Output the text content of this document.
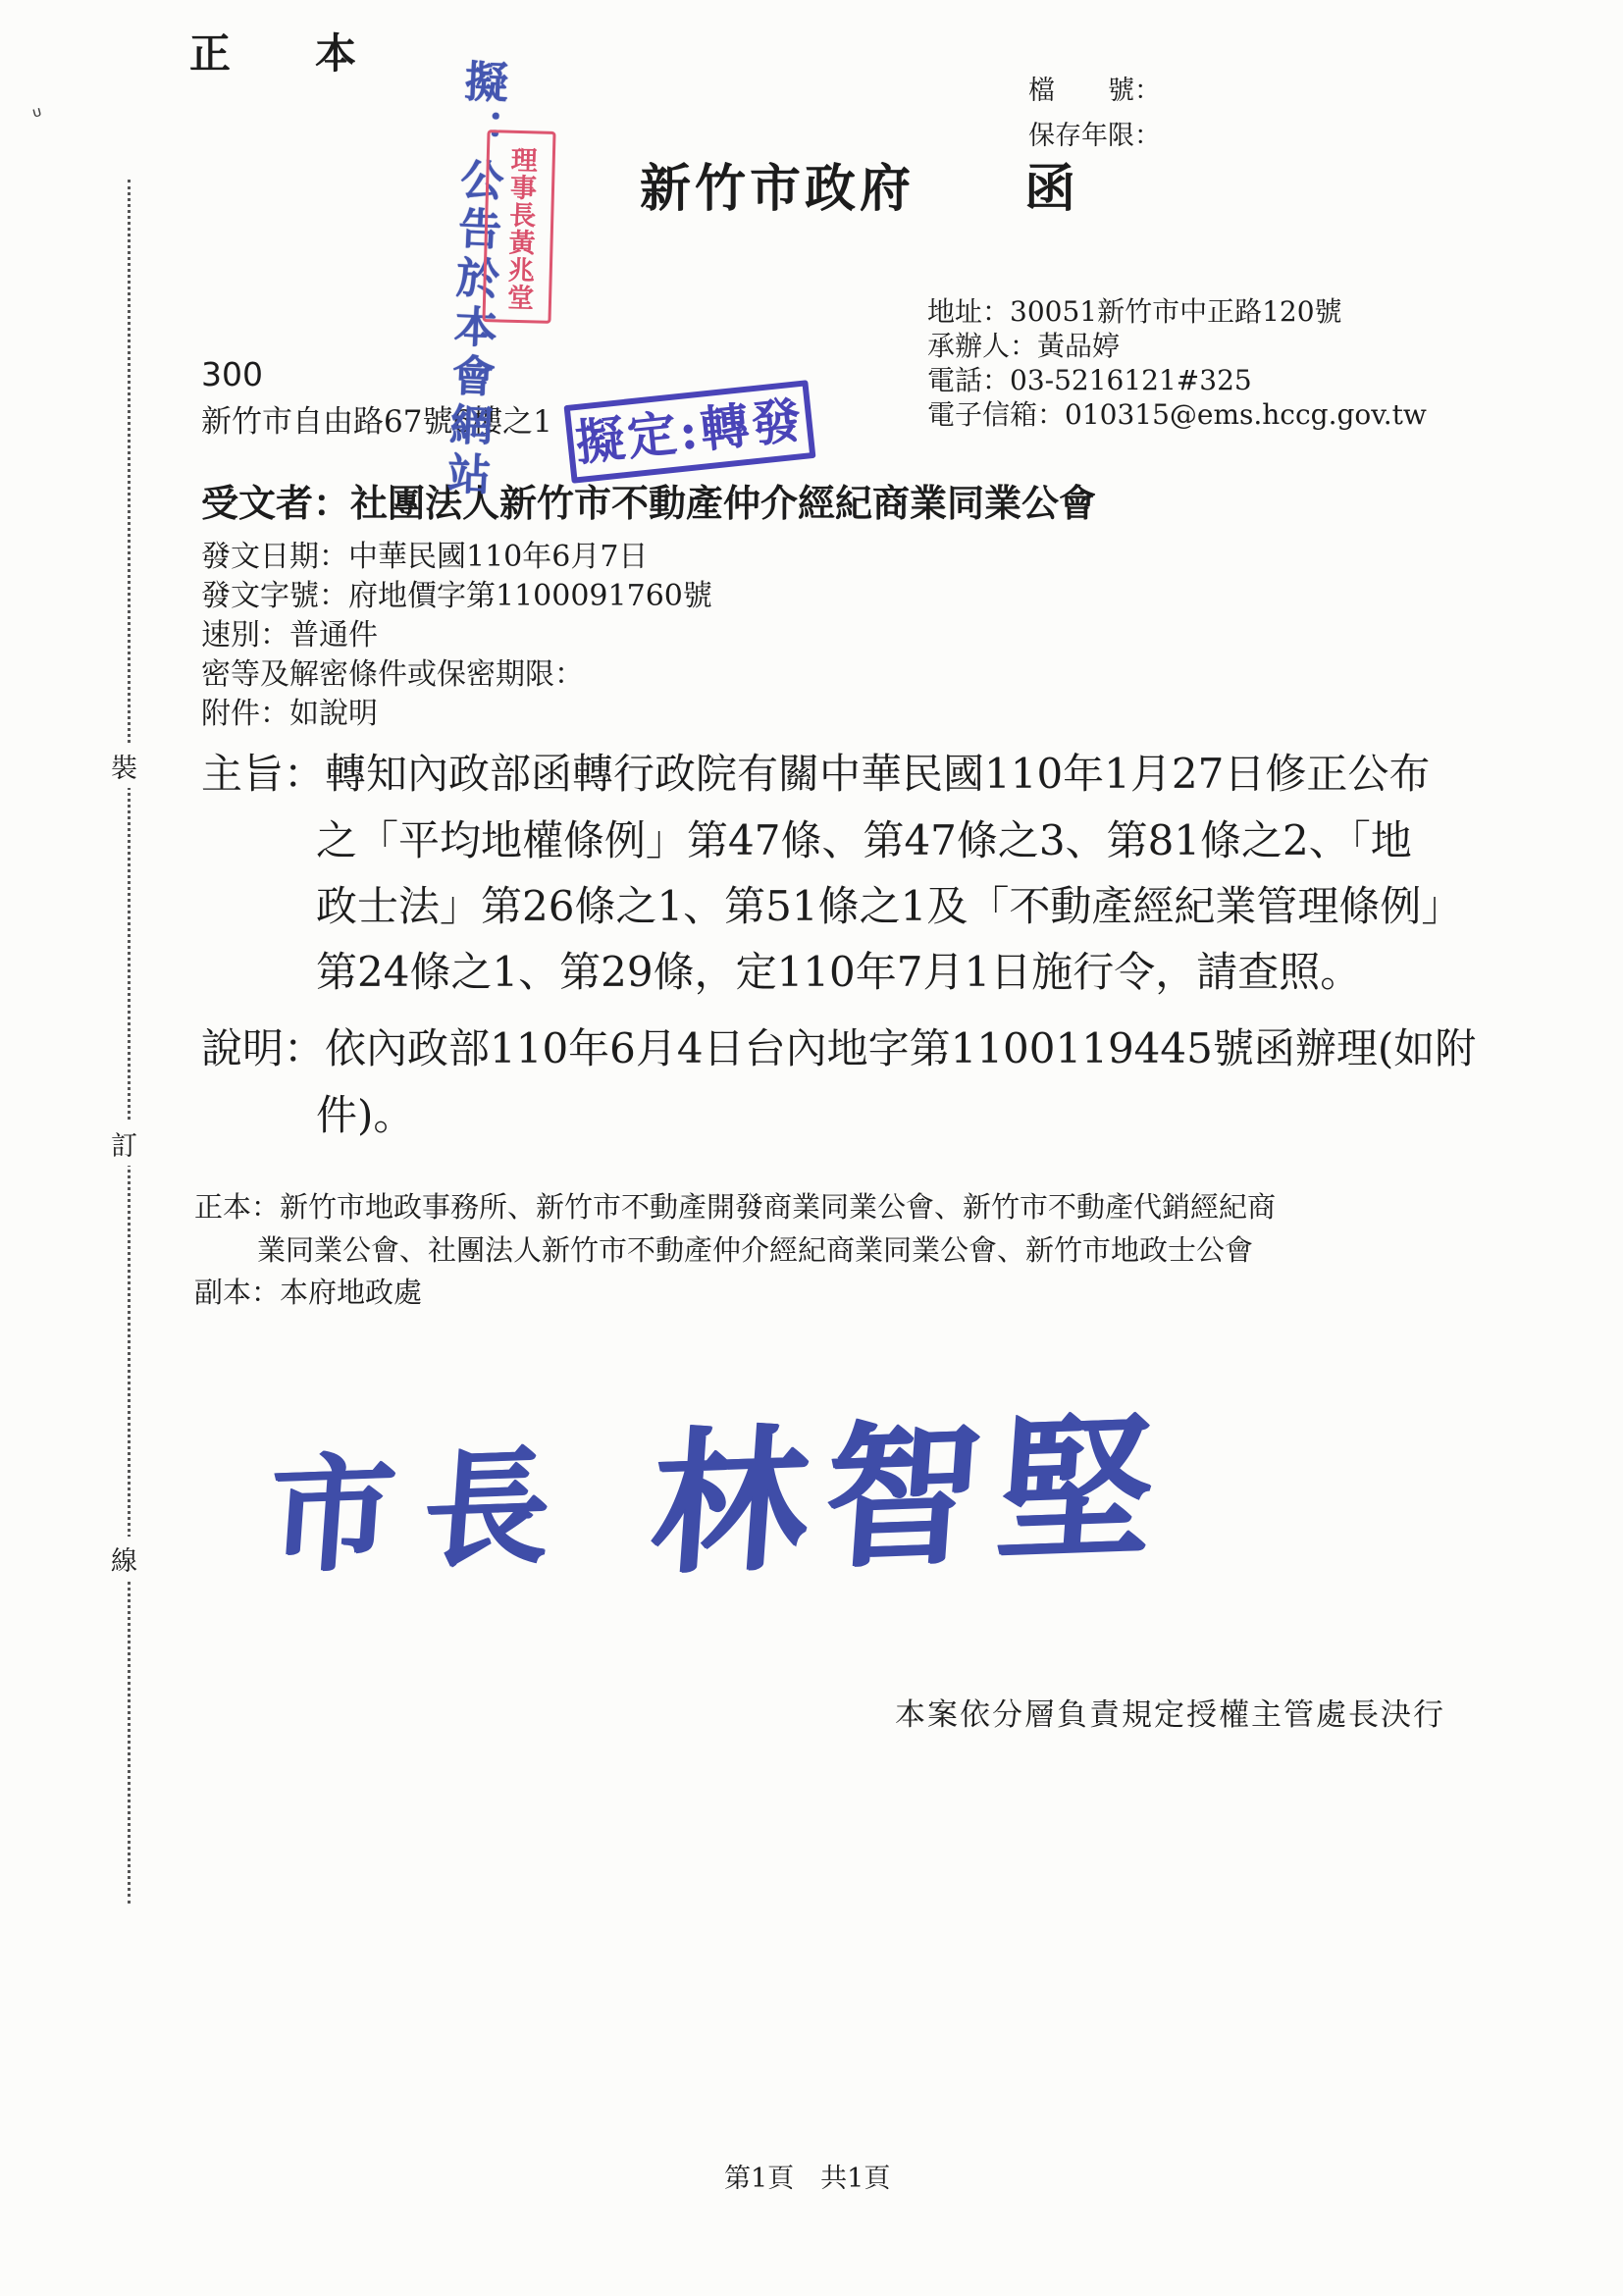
ᶸ
正　本
檔　　號：
保存年限：
新竹市政府　　函
擬：公告於本會網站
理事長黃兆堂
擬定:轉發
地址：30051新竹市中正路120號
承辦人：黃品婷
電話：03-5216121#325
電子信箱：010315@ems.hccg.gov.tw
300
新竹市自由路67號6樓之1
受文者：社團法人新竹市不動產仲介經紀商業同業公會
發文日期：中華民國110年6月7日
發文字號：府地價字第1100091760號
速別：普通件
密等及解密條件或保密期限：
附件：如說明
主旨：轉知內政部函轉行政院有關中華民國110年1月27日修正公布
之「平均地權條例」第47條、第47條之3、第81條之2、「地
政士法」第26條之1、第51條之1及「不動產經紀業管理條例」
第24條之1、第29條，定110年7月1日施行令，請查照。
說明：依內政部110年6月4日台內地字第1100119445號函辦理(如附
件)。
正本：新竹市地政事務所、新竹市不動產開發商業同業公會、新竹市不動產代銷經紀商
業同業公會、社團法人新竹市不動產仲介經紀商業同業公會、新竹市地政士公會
副本：本府地政處
市長 林智堅
本案依分層負責規定授權主管處長決行
裝
訂
線
第1頁　共1頁
